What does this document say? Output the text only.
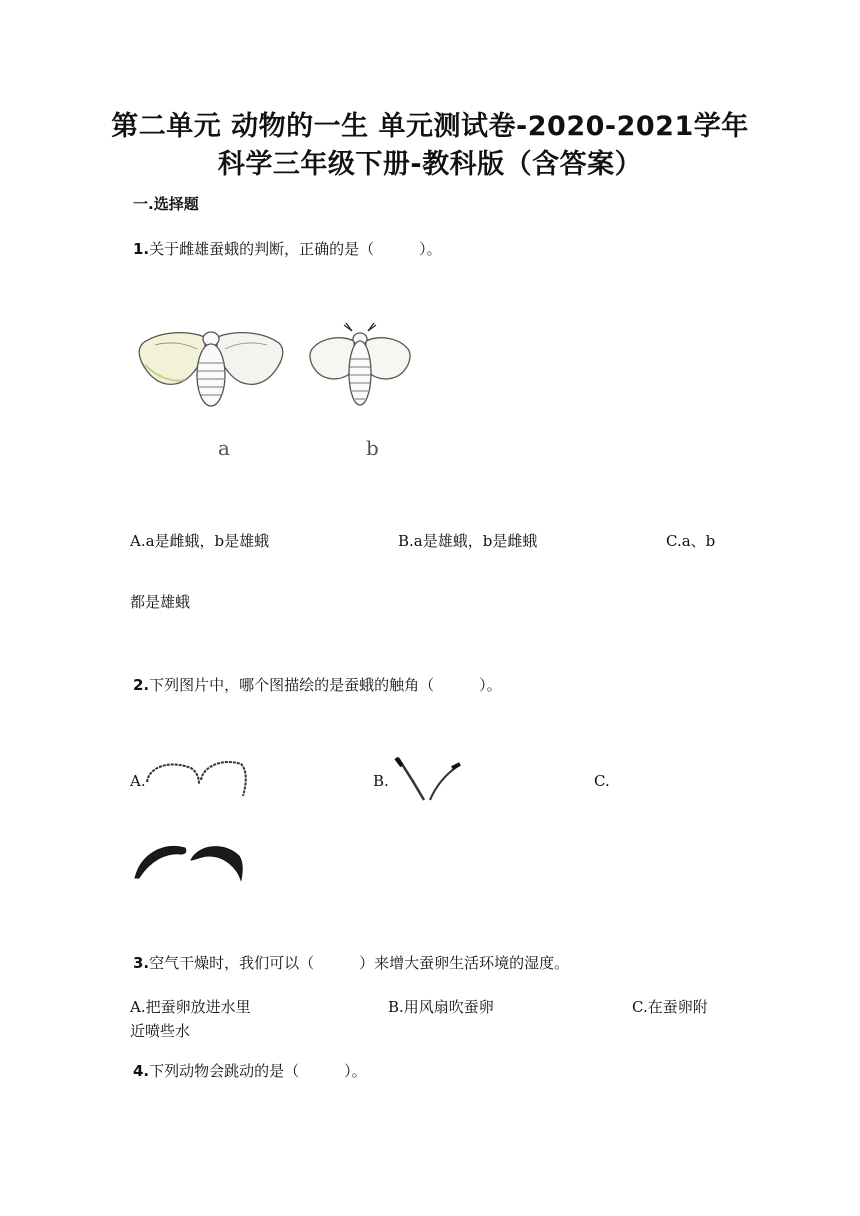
第二单元 动物的一生 单元测试卷-2020-2021学年
科学三年级下册-教科版（含答案）
一.选择题
1.关于雌雄蚕蛾的判断，正确的是（　　　）。
a	b
A.a是雌蛾，b是雄蛾	B.a是雄蛾，b是雌蛾	C.a、b
都是雄蛾
2.下列图片中，哪个图描绘的是蚕蛾的触角（　　　）。
A.	B.	C.
3.空气干燥时，我们可以（　　　）来增大蚕卵生活环境的湿度。
A.把蚕卵放进水里	B.用风扇吹蚕卵	C.在蚕卵附
近喷些水
4.下列动物会跳动的是（　　　）。
